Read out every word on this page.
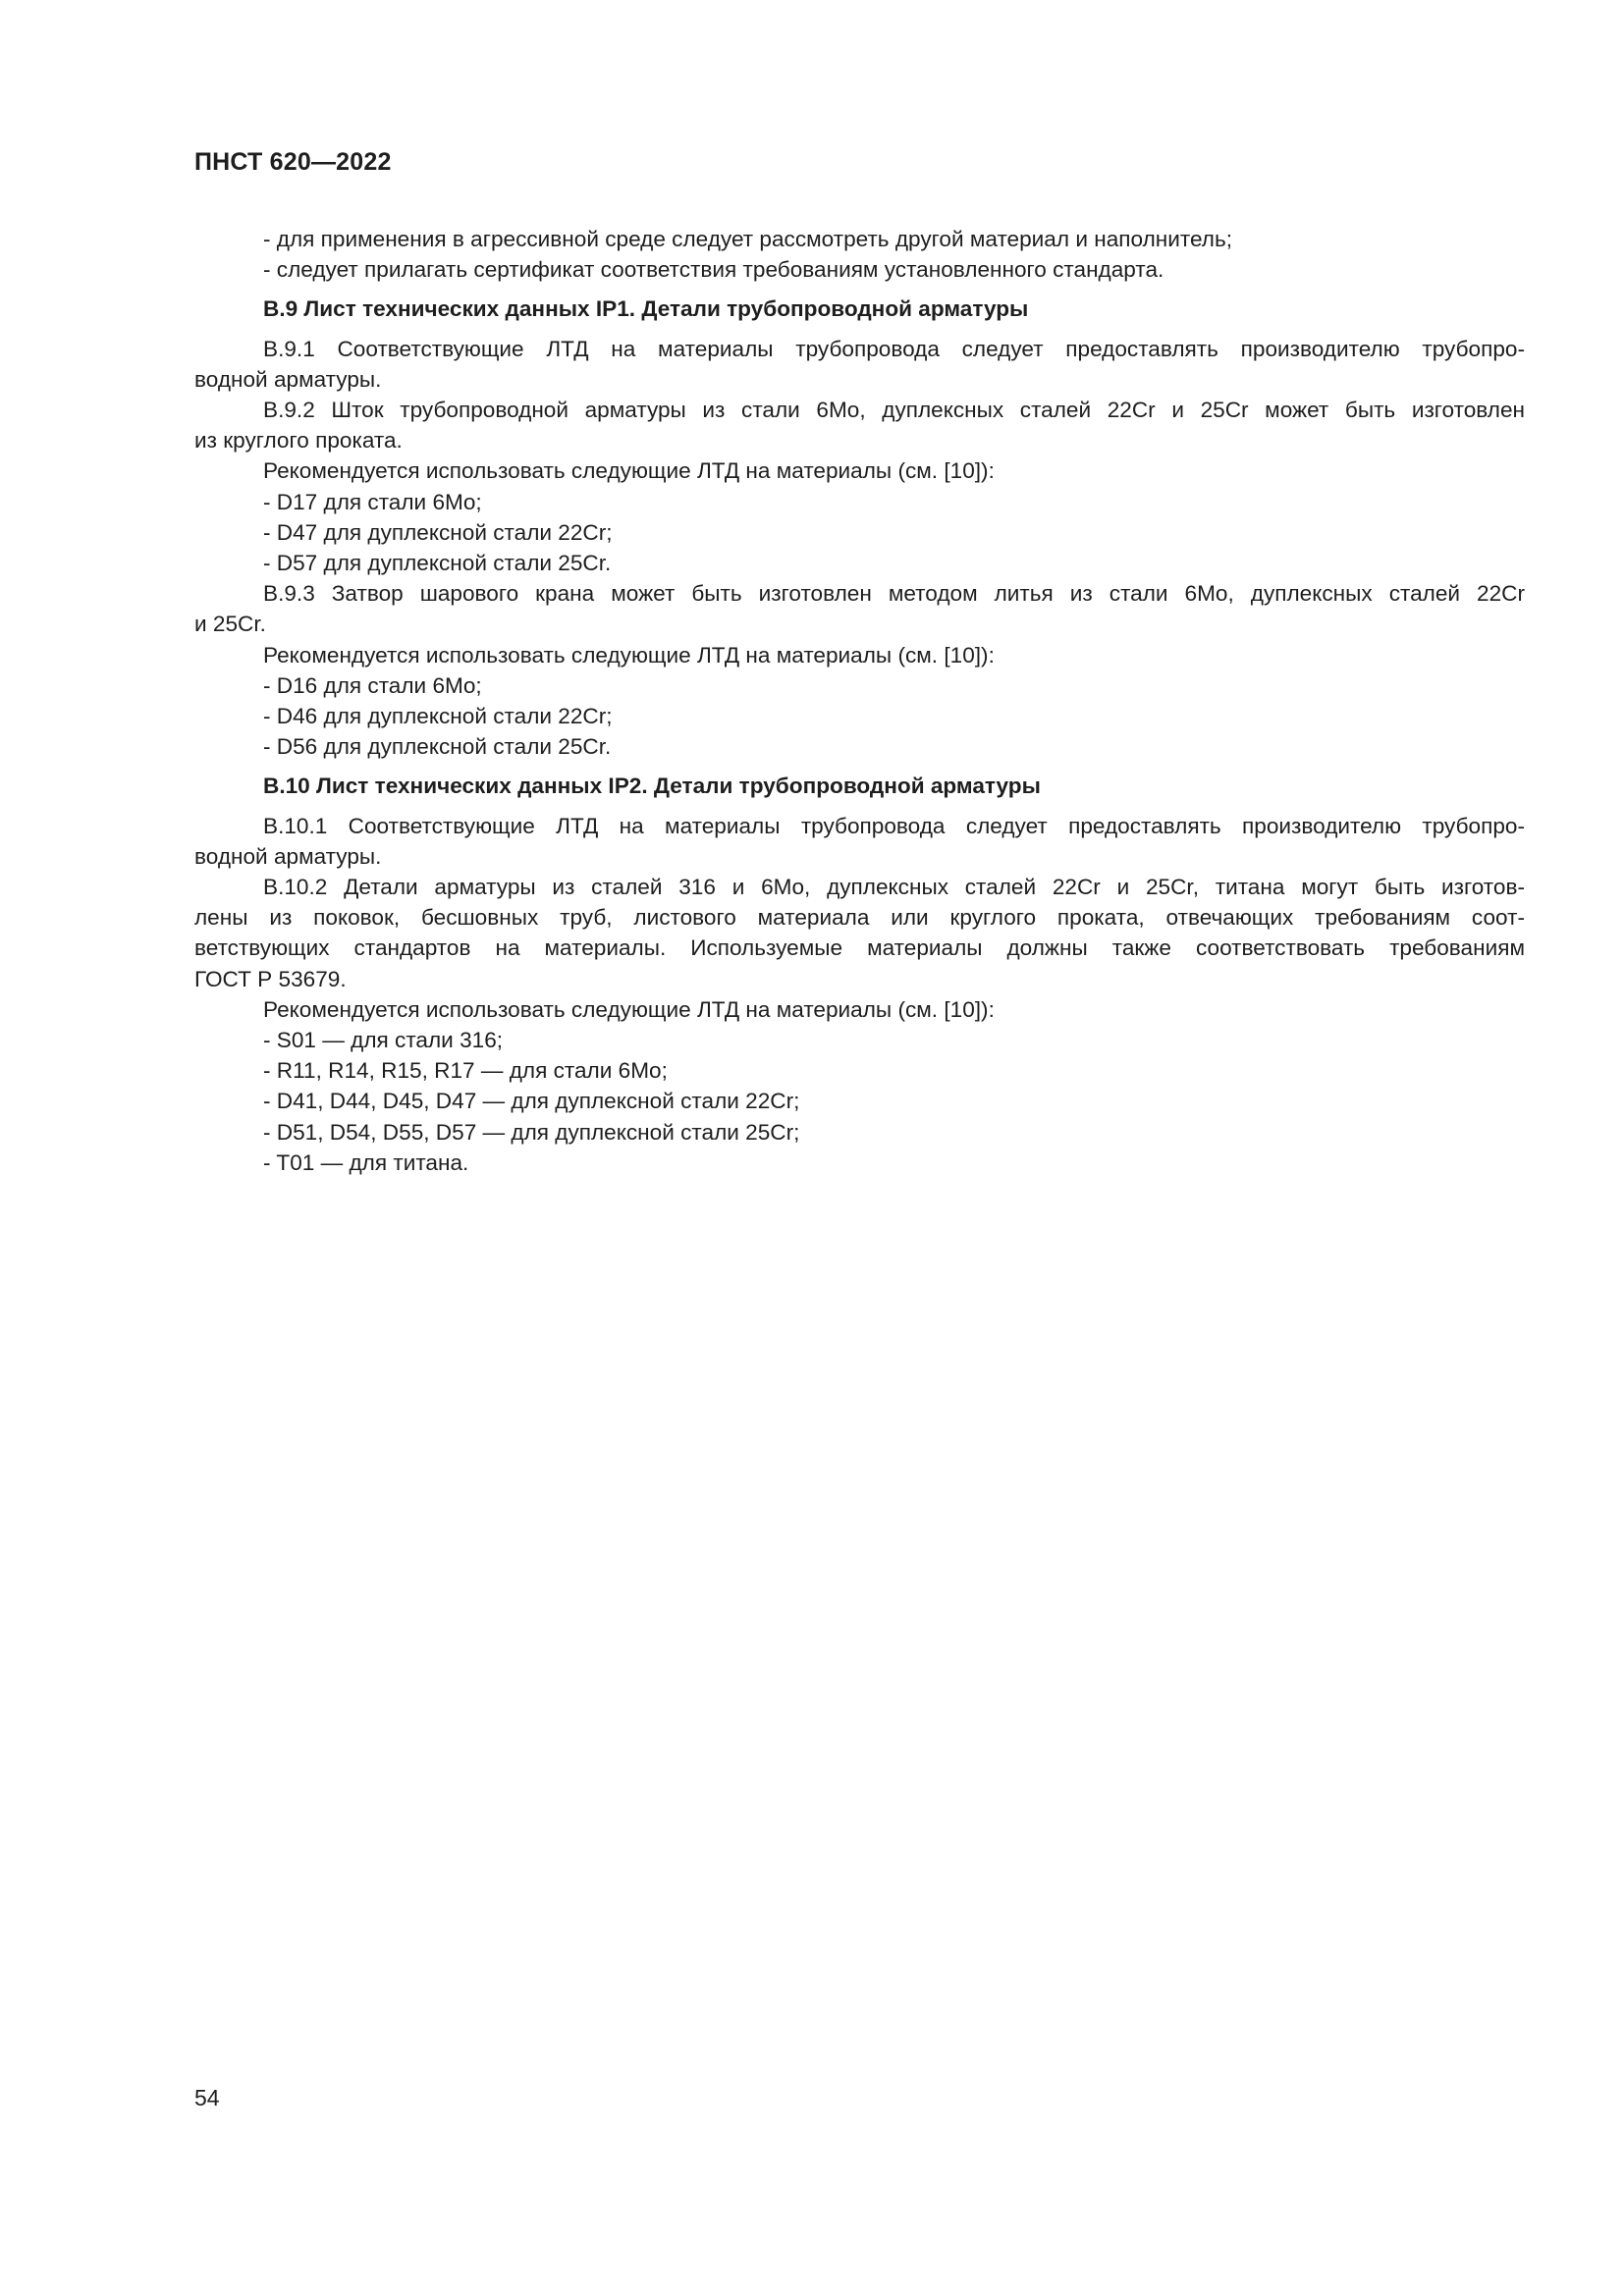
ПНСТ 620—2022
- для применения в агрессивной среде следует рассмотреть другой материал и наполнитель;
- следует прилагать сертификат соответствия требованиям установленного стандарта.
B.9 Лист технических данных IP1. Детали трубопроводной арматуры
B.9.1 Соответствующие ЛТД на материалы трубопровода следует предоставлять производителю трубопро-
водной арматуры.
B.9.2 Шток трубопроводной арматуры из стали 6Mo, дуплексных сталей 22Cr и 25Cr может быть изготовлен
из круглого проката.
Рекомендуется использовать следующие ЛТД на материалы (см. [10]):
- D17 для стали 6Mo;
- D47 для дуплексной стали 22Cr;
- D57 для дуплексной стали 25Cr.
B.9.3 Затвор шарового крана может быть изготовлен методом литья из стали 6Mo, дуплексных сталей 22Cr
и 25Cr.
Рекомендуется использовать следующие ЛТД на материалы (см. [10]):
- D16 для стали 6Mo;
- D46 для дуплексной стали 22Cr;
- D56 для дуплексной стали 25Cr.
B.10 Лист технических данных IP2. Детали трубопроводной арматуры
B.10.1 Соответствующие ЛТД на материалы трубопровода следует предоставлять производителю трубопро-
водной арматуры.
B.10.2 Детали арматуры из сталей 316 и 6Mo, дуплексных сталей 22Cr и 25Cr, титана могут быть изготов-
лены из поковок, бесшовных труб, листового материала или круглого проката, отвечающих требованиям соот-
ветствующих стандартов на материалы. Используемые материалы должны также соответствовать требованиям
ГОСТ Р 53679.
Рекомендуется использовать следующие ЛТД на материалы (см. [10]):
- S01 — для стали 316;
- R11, R14, R15, R17 — для стали 6Mo;
- D41, D44, D45, D47 — для дуплексной стали 22Cr;
- D51, D54, D55, D57 — для дуплексной стали 25Cr;
- T01 — для титана.
54
